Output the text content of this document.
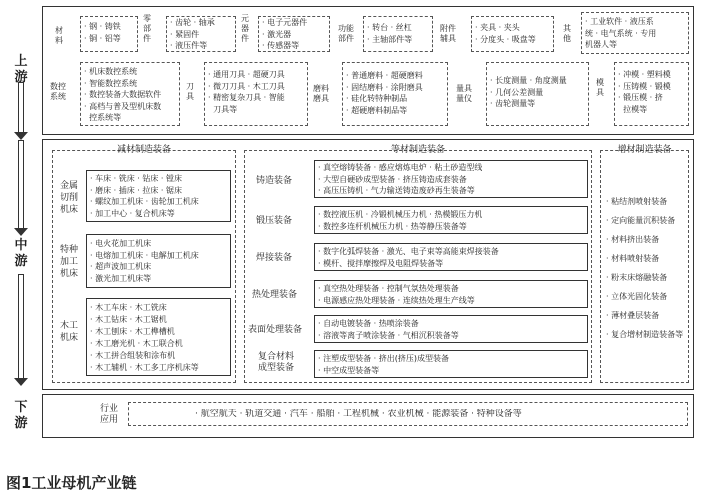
上
游
材
料
· 钢 · 铸铁
· 铜 · 铝等
零
部
件
· 齿轮 · 轴承
· 紧固件
· 液压件等
元
器
件
· 电子元器件
· 激光器
· 传感器等
功能
部件
· 转台 · 丝杠
· 主轴部件等
附件
辅具
· 夹具 · 夹头
· 分度头 · 吸盘等
其
他
· 工业软件 · 液压系
统 · 电气系统 · 专用
机器人等
数控
系统
· 机床数控系统
· 智能数控系统
· 数控装备大数据软件
· 高档与普及型机床数
控系统等
刀
具
· 通用刀具 · 超硬刀具
· 微刀刀具 · 木工刀具
· 精密复杂刀具 · 智能
刀具等
磨料
磨具
· 普通磨料 · 超硬磨料
· 固结磨料 · 涂附磨具
· 硅化转特种制品
· 超硬磨料制品等
量具
量仪
· 长度测量 · 角度测量
· 几何公差测量
· 齿轮测量等
模
具
· 冲模 · 塑料模
· 压铸模 · 锻模
· 锻压模 · 挤
拉模等
中
游
减材制造装备
金属
切削
机床
· 车床 · 铣床 · 钻床 · 镗床
· 磨床 · 插床 · 拉床 · 锯床
· 螺纹加工机床 · 齿轮加工机床
· 加工中心 · 复合机床等
特种
加工
机床
· 电火花加工机床
· 电熔加工机床 · 电解加工机床
· 超声波加工机床
· 激光加工机床等
木工
机床
· 木工车床 · 木工铣床
· 木工钻床 · 木工锯机
· 木工刨床 · 木工榫槽机
· 木工磨光机 · 木工联合机
· 木工拼合组装和涂布机
· 木工辅机 · 木工多工序机床等
等材制造装备
铸造装备
· 真空熔铸装备 · 感应熔炼电炉 · 粘土砂造型线
· 大型自硬砂成型装备 · 挤压铸造成套装备
· 高压压铸机 · 气力输送铸造废砂再生装备等
锻压装备
· 数控液压机 · 冷锻机械压力机 · 热模锻压力机
· 数控多连杆机械压力机 · 热等静压装备等
焊接装备
· 数字化弧焊装备 · 激光、电子束等高能束焊接装备
· 模杆、搅拌摩擦焊及电阻焊装备等
热处理装备
· 真空热处理装备 · 控制气氛热处理装备
· 电源感应热处理装备 · 连续热处理生产线等
表面处理装备
· 自动电镀装备 · 热喷涂装备
· 溶液等离子喷涂装备 · 气相沉积装备等
复合材料
成型装备
· 注塑成型装备 · 挤出(挤压)成型装备
· 中空成型装备等
增材制造装备
· 粘结剂喷射装备
· 定向能量沉积装备
· 材料挤出装备
· 材料喷射装备
· 粉末床熔融装备
· 立体光固化装备
· 薄材叠层装备
· 复合增材制造装备等
下
游
行业
应用
· 航空航天 · 轨道交通 · 汽车 · 船舶 · 工程机械 · 农业机械 · 能源装备 · 特种设备等
图1工业母机产业链
